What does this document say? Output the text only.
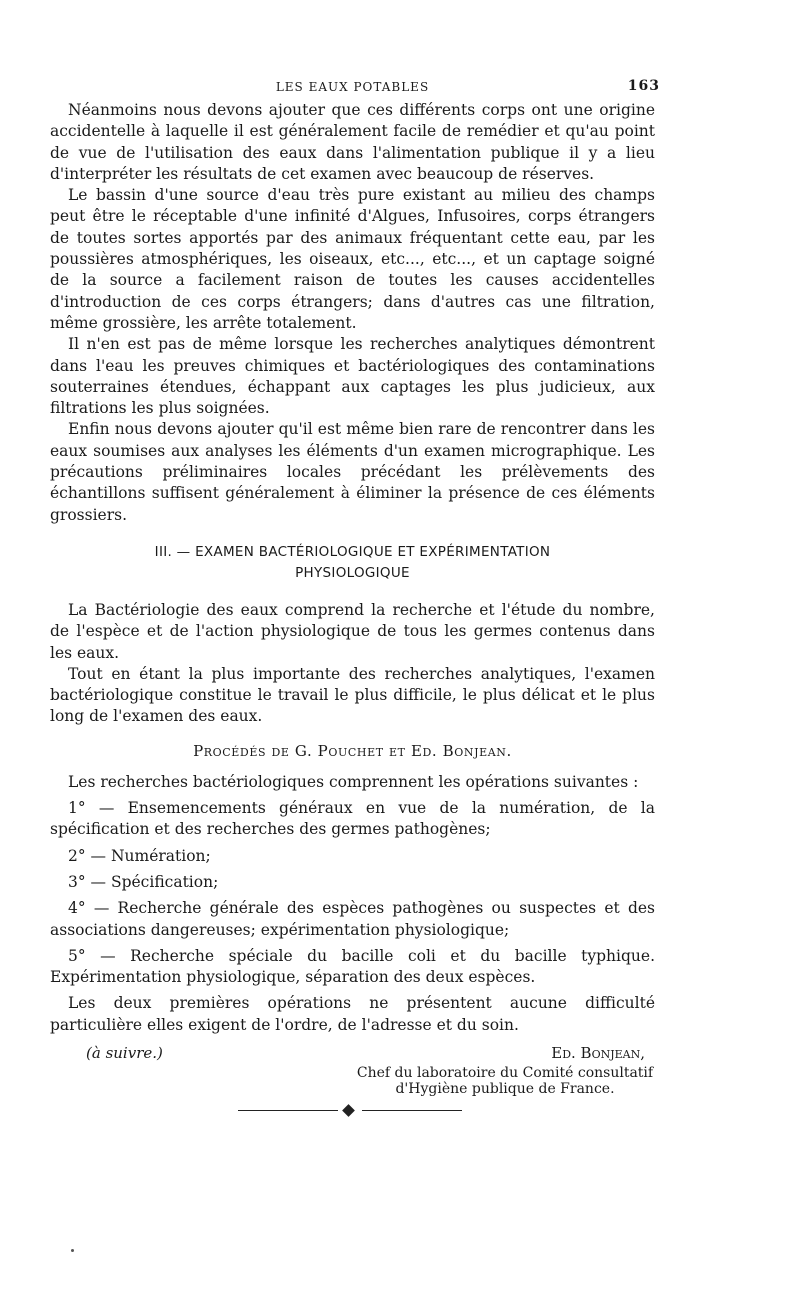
LES EAUX POTABLES	163

Néanmoins nous devons ajouter que ces différents corps ont une origine accidentelle à laquelle il est généralement facile de remédier et qu'au point de vue de l'utilisation des eaux dans l'alimentation publique il y a lieu d'interpréter les résultats de cet examen avec beaucoup de réserves.

Le bassin d'une source d'eau très pure existant au milieu des champs peut être le réceptable d'une infinité d'Algues, Infusoires, corps étrangers de toutes sortes apportés par des animaux fréquentant cette eau, par les poussières atmosphériques, les oiseaux, etc..., etc..., et un captage soigné de la source a facilement raison de toutes les causes accidentelles d'introduction de ces corps étrangers; dans d'autres cas une filtration, même grossière, les arrête totalement.

Il n'en est pas de même lorsque les recherches analytiques démontrent dans l'eau les preuves chimiques et bactériologiques des contaminations souterraines étendues, échappant aux captages les plus judicieux, aux filtrations les plus soignées.

Enfin nous devons ajouter qu'il est même bien rare de rencontrer dans les eaux soumises aux analyses les éléments d'un examen micrographique. Les précautions préliminaires locales précédant les prélèvements des échantillons suffisent généralement à éliminer la présence de ces éléments grossiers.

III. — EXAMEN BACTÉRIOLOGIQUE ET EXPÉRIMENTATION
PHYSIOLOGIQUE

La Bactériologie des eaux comprend la recherche et l'étude du nombre, de l'espèce et de l'action physiologique de tous les germes contenus dans les eaux.

Tout en étant la plus importante des recherches analytiques, l'examen bactériologique constitue le travail le plus difficile, le plus délicat et le plus long de l'examen des eaux.

Procédés de G. Pouchet et Ed. Bonjean.

Les recherches bactériologiques comprennent les opérations suivantes :

1° — Ensemencements généraux en vue de la numération, de la spécification et des recherches des germes pathogènes;

2° — Numération;

3° — Spécification;

4° — Recherche générale des espèces pathogènes ou suspectes et des associations dangereuses; expérimentation physiologique;

5° — Recherche spéciale du bacille coli et du bacille typhique. Expérimentation physiologique, séparation des deux espèces.

Les deux premières opérations ne présentent aucune difficulté particulière elles exigent de l'ordre, de l'adresse et du soin.

(à suivre.)	Ed. Bonjean,
Chef du laboratoire du Comité consultatif
d'Hygiène publique de France.
